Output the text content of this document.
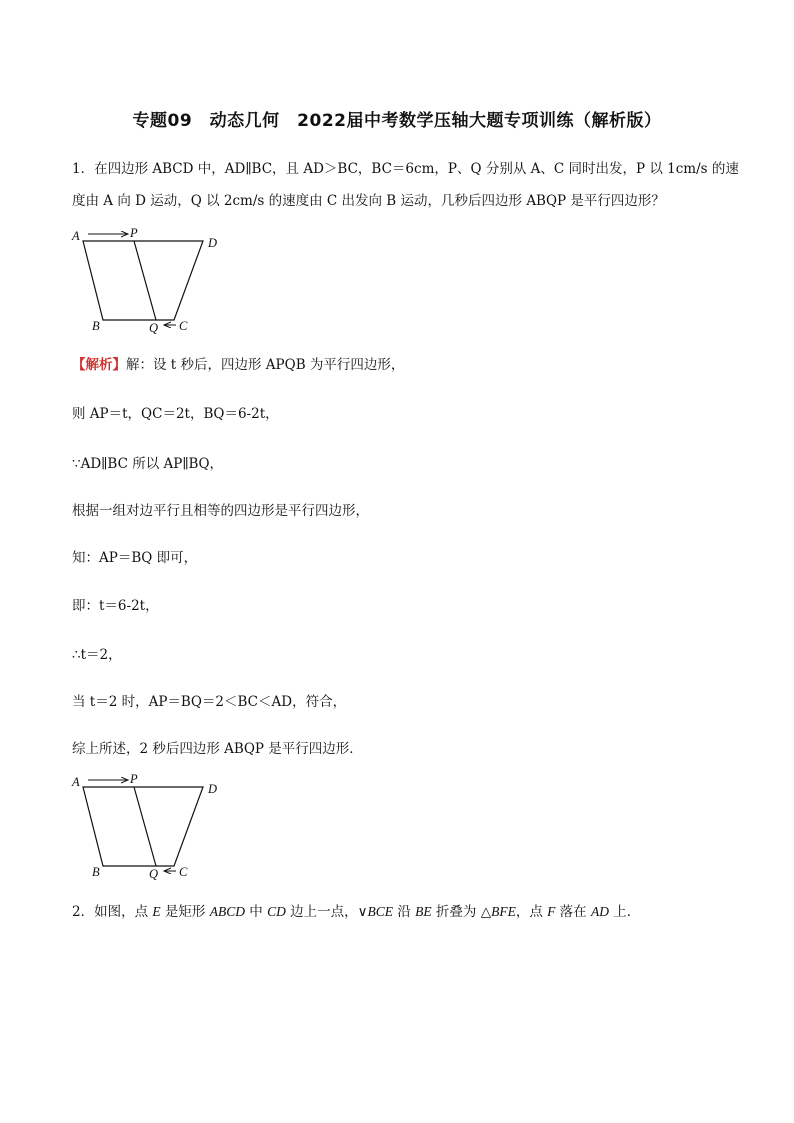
专题09　动态几何　2022届中考数学压轴大题专项训练（解析版）
1．在四边形 ABCD 中，AD∥BC，且 AD＞BC，BC＝6cm，P、Q 分别从 A、C 同时出发，P 以 1cm/s 的速
度由 A 向 D 运动，Q 以 2cm/s 的速度由 C 出发向 B 运动，几秒后四边形 ABQP 是平行四边形？
A	P
D
B	Q C
【解析】解：设 t 秒后，四边形 APQB 为平行四边形，
则 AP＝t，QC＝2t，BQ＝6-2t，
∵AD∥BC 所以 AP∥BQ，
根据一组对边平行且相等的四边形是平行四边形，
知：AP＝BQ 即可，
即：t＝6-2t，
∴t＝2，
当 t＝2 时，AP＝BQ＝2＜BC＜AD，符合，
综上所述，2 秒后四边形 ABQP 是平行四边形．
A	P
D
B	Q C
2．如图，点 E 是矩形 ABCD 中 CD 边上一点，∨BCE 沿 BE 折叠为 △BFE，点 F 落在 AD 上．
